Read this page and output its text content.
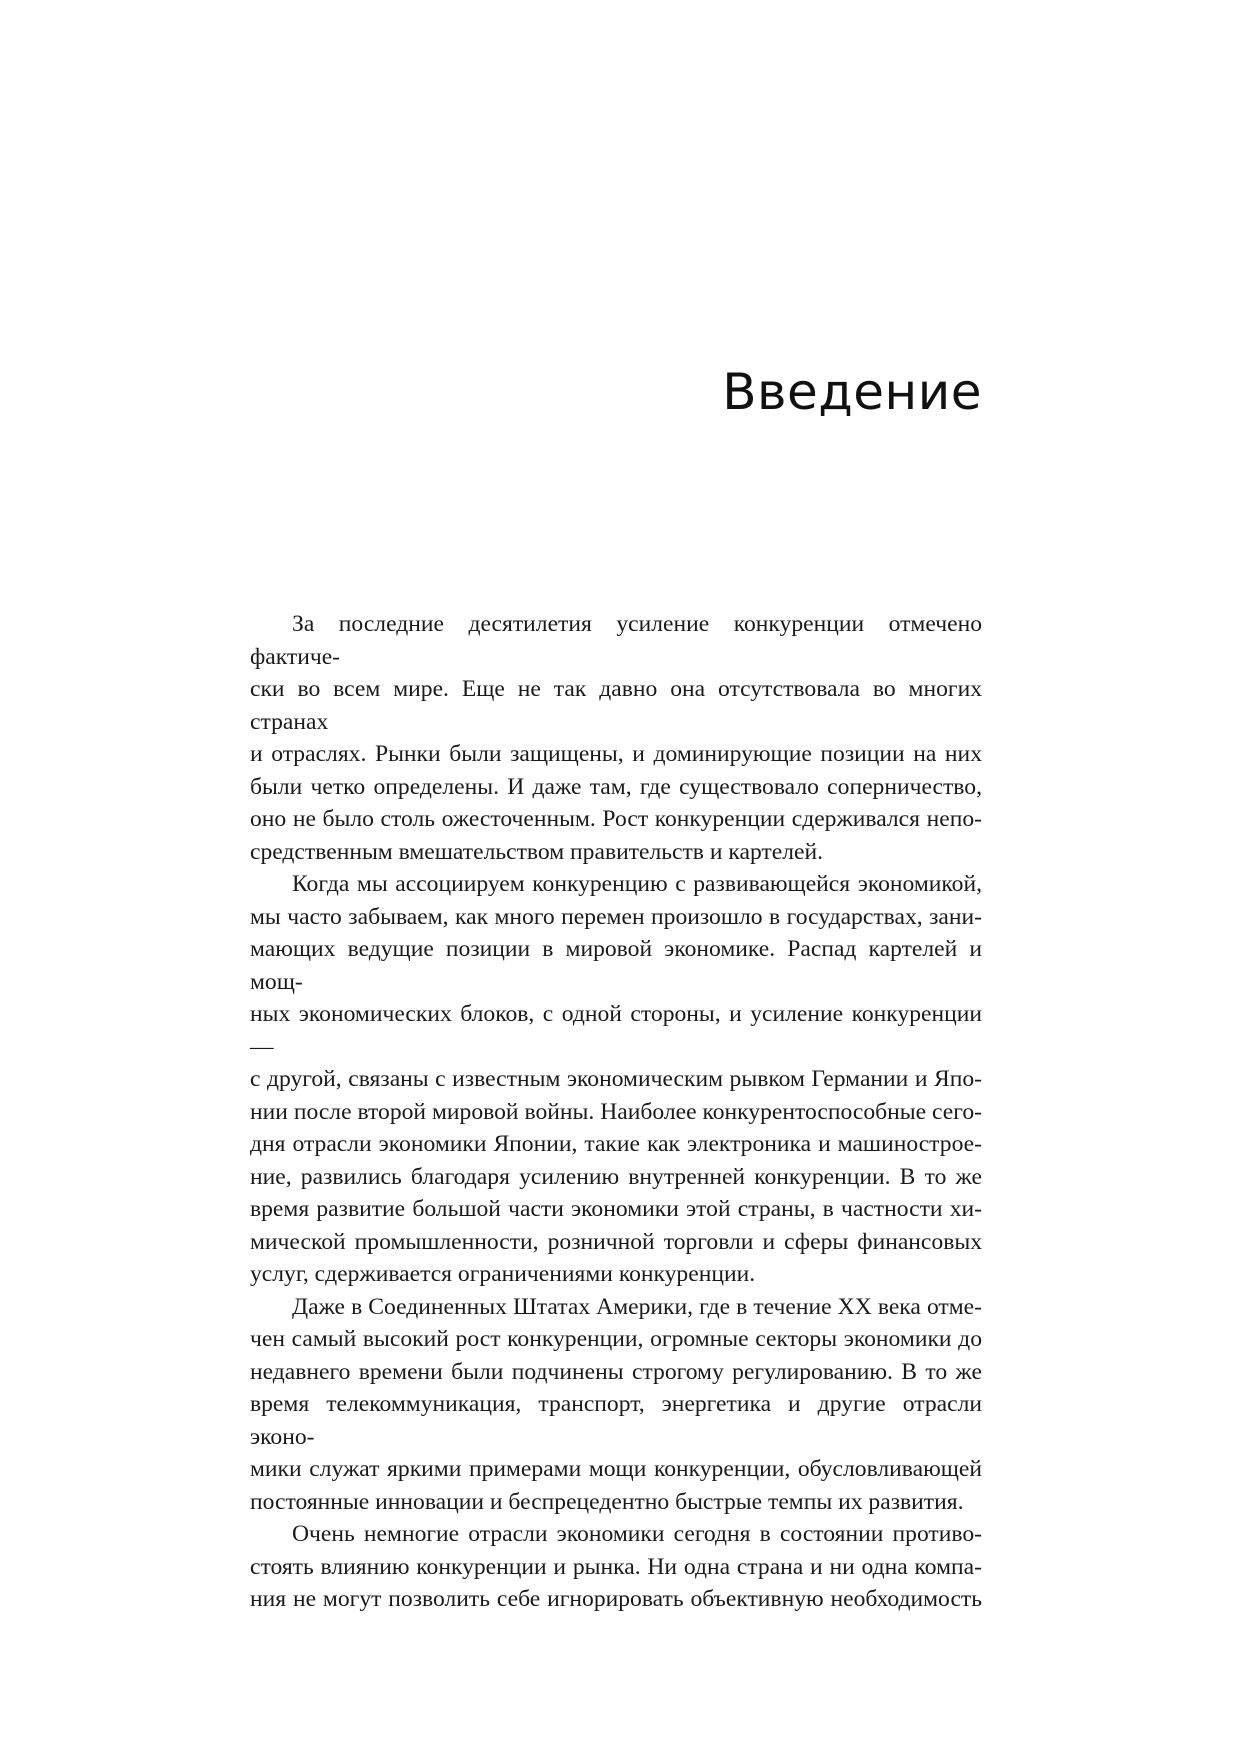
Введение
За последние десятилетия усиление конкуренции отмечено фактиче-
ски во всем мире. Еще не так давно она отсутствовала во многих странах
и отраслях. Рынки были защищены, и доминирующие позиции на них
были четко определены. И даже там, где существовало соперничество,
оно не было столь ожесточенным. Рост конкуренции сдерживался непо-
средственным вмешательством правительств и картелей.
Когда мы ассоциируем конкуренцию с развивающейся экономикой,
мы часто забываем, как много перемен произошло в государствах, зани-
мающих ведущие позиции в мировой экономике. Распад картелей и мощ-
ных экономических блоков, с одной стороны, и усиление конкуренции —
с другой, связаны с известным экономическим рывком Германии и Япо-
нии после второй мировой войны. Наиболее конкурентоспособные сего-
дня отрасли экономики Японии, такие как электроника и машинострое-
ние, развились благодаря усилению внутренней конкуренции. В то же
время развитие большой части экономики этой страны, в частности хи-
мической промышленности, розничной торговли и сферы финансовых
услуг, сдерживается ограничениями конкуренции.
Даже в Соединенных Штатах Америки, где в течение XX века отме-
чен самый высокий рост конкуренции, огромные секторы экономики до
недавнего времени были подчинены строгому регулированию. В то же
время телекоммуникация, транспорт, энергетика и другие отрасли эконо-
мики служат яркими примерами мощи конкуренции, обусловливающей
постоянные инновации и беспрецедентно быстрые темпы их развития.
Очень немногие отрасли экономики сегодня в состоянии противо-
стоять влиянию конкуренции и рынка. Ни одна страна и ни одна компа-
ния не могут позволить себе игнорировать объективную необходимость
